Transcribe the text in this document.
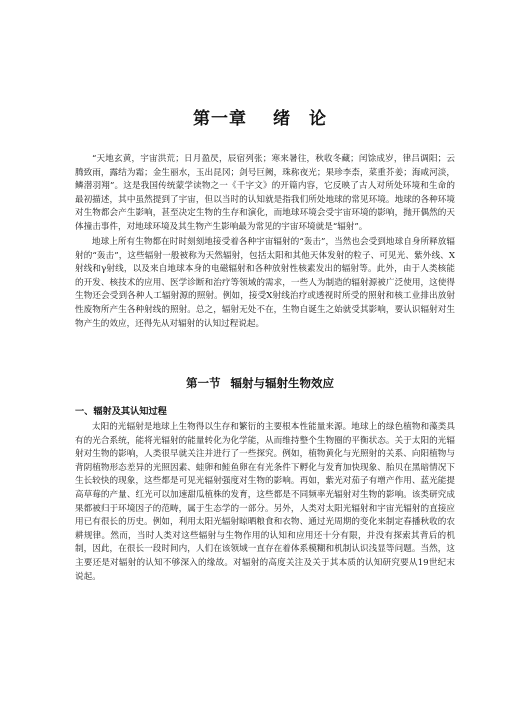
第一章 绪 论

“天地玄黄，宇宙洪荒；日月盈昃，辰宿列张；寒来暑往，秋收冬藏；闰馀成岁，律吕调阳；云腾致雨，露结为霜；金生丽水，玉出昆冈；剑号巨阙，珠称夜光；果珍李柰，菜重芥姜；海咸河淡，鳞潜羽翔”。这是我国传统蒙学读物之一《千字文》的开篇内容，它反映了古人对所处环境和生命的最初描述，其中虽然提到了宇宙，但以当时的认知就是指我们所处地球的常见环境。地球的各种环境对生物都会产生影响，甚至决定生物的生存和演化，而地球环境会受宇宙环境的影响，抛开偶然的天体撞击事件，对地球环境及其生物产生影响最为常见的宇宙环境就是“辐射”。

地球上所有生物都在时时刻刻地接受着各种宇宙辐射的“轰击”，当然也会受到地球自身所释放辐射的“轰击”，这些辐射一般被称为天然辐射，包括太阳和其他天体发射的粒子、可见光、紫外线、X射线和γ射线，以及来自地球本身的电磁辐射和各种放射性核素发出的辐射等。此外，由于人类核能的开发、核技术的应用、医学诊断和治疗等领域的需求，一些人为制造的辐射源被广泛使用，这使得生物还会受到各种人工辐射源的照射。例如，接受X射线治疗或透视时所受的照射和核工业排出放射性废物所产生各种射线的照射。总之，辐射无处不在，生物自诞生之始就受其影响，要认识辐射对生物产生的效应，还得先从对辐射的认知过程说起。

第一节 辐射与辐射生物效应
一、辐射及其认知过程

太阳的光辐射是地球上生物得以生存和繁衍的主要根本性能量来源。地球上的绿色植物和藻类具有的光合系统，能将光辐射的能量转化为化学能，从而维持整个生物圈的平衡状态。关于太阳的光辐射对生物的影响，人类很早就关注并进行了一些探究。例如，植物黄化与光照射的关系、向阳植物与背阴植物形态差异的光照因素、蛙卵和鲑鱼卵在有光条件下孵化与发育加快现象、胎贝在黑暗情况下生长较快的现象，这些都是可见光辐射强度对生物的影响。再如，紫光对茄子有增产作用、蓝光能提高草莓的产量、红光可以加速甜瓜植株的发育，这些都是不同频率光辐射对生物的影响。该类研究成果都被归于环境因子的范畴，属于生态学的一部分。另外，人类对太阳光辐射和宇宙光辐射的直接应用已有很长的历史。例如，利用太阳光辐射晾晒粮食和衣物、通过光周期的变化来制定春播秋收的农耕规律。然而，当时人类对这些辐射与生物作用的认知和应用还十分有限，并没有探索其背后的机制，因此，在很长一段时间内，人们在该领域一直存在着体系模糊和机制认识浅显等问题。当然，这主要还是对辐射的认知不够深入的缘故。对辐射的高度关注及关于其本质的认知研究要从19世纪末说起。
